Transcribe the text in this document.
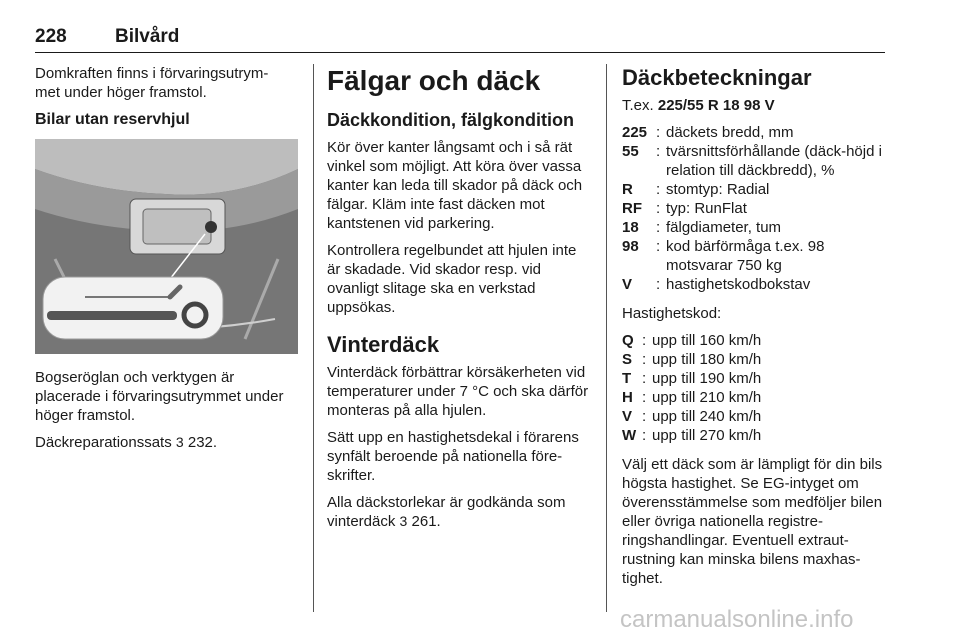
228	Bilvård

Domkraften finns i förvaringsutrym-
met under höger framstol.

Bilar utan reservhjul

Bogseröglan och verktygen är placerade i förvaringsutrymmet under höger framstol.

Däckreparationssats 3 232.

Fälgar och däck
Däckkondition, fälgkondition

Kör över kanter långsamt och i så rät vinkel som möjligt. Att köra över vassa kanter kan leda till skador på däck och fälgar. Kläm inte fast däcken mot kantstenen vid parkering.

Kontrollera regelbundet att hjulen inte är skadade. Vid skador resp. vid ovanligt slitage ska en verkstad uppsökas.

Vinterdäck

Vinterdäck förbättrar körsäkerheten vid temperaturer under 7 °C och ska därför monteras på alla hjulen.

Sätt upp en hastighetsdekal i förarens synfält beroende på nationella före-skrifter.

Alla däckstorlekar är godkända som vinterdäck 3 261.

Däckbeteckningar

T.ex. 225/55 R 18 98 V

225 : däckets bredd, mm
55	: tvärsnittsförhållande (däck-höjd i relation till däckbredd), %
R	: stomtyp: Radial
RF : typ: RunFlat
18	: fälgdiameter, tum
98	: kod bärförmåga t.ex. 98 motsvarar 750 kg
V	: hastighetskodbokstav

Hastighetskod:

Q : upp till 160 km/h
S : upp till 180 km/h
T : upp till 190 km/h
H : upp till 210 km/h
V : upp till 240 km/h
W : upp till 270 km/h

Välj ett däck som är lämpligt för din bils högsta hastighet. Se EG-intyget om överensstämmelse som medföljer bilen eller övriga nationella registre-ringshandlingar. Eventuell extraut-rustning kan minska bilens maxhas-tighet.

carmanualsonline.info
